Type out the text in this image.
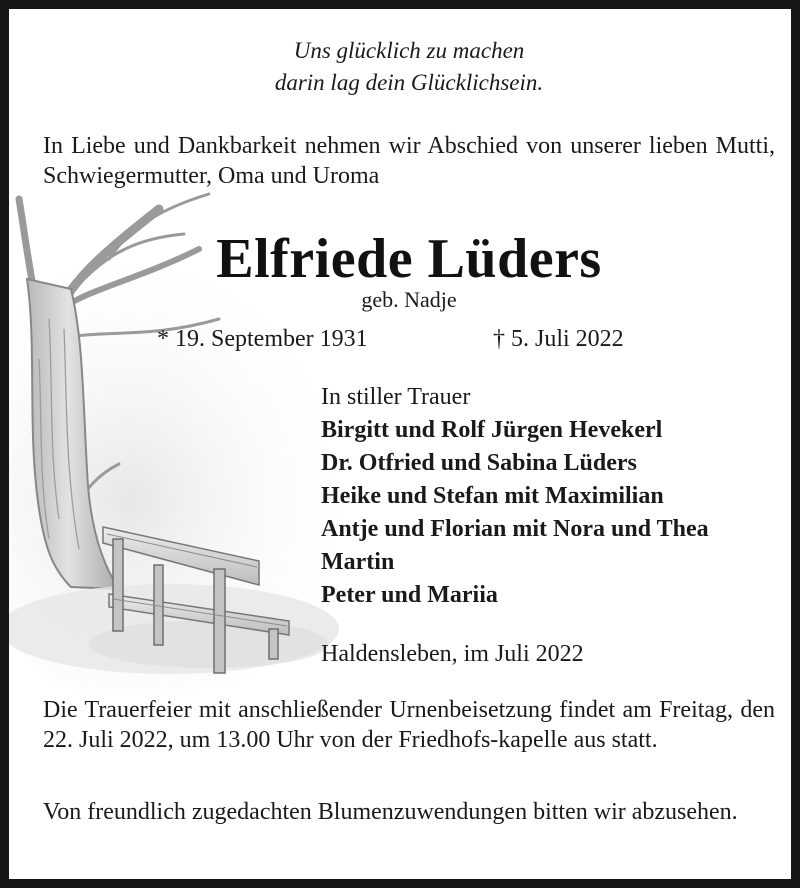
Uns glücklich zu machen

darin lag dein Glücklichsein.

In Liebe und Dankbarkeit nehmen wir Abschied von unserer lieben Mutti, Schwiegermutter, Oma und Uroma

Elfriede Lüders

geb. Nadje

* 19. September 1931	† 5. Juli 2022

In stiller Trauer
Birgitt und Rolf Jürgen Hevekerl
Dr. Otfried und Sabina Lüders
Heike und Stefan mit Maximilian
Antje und Florian mit Nora und Thea
Martin
Peter und Mariia

Haldensleben, im Juli 2022

Die Trauerfeier mit anschließender Urnenbeisetzung findet am Freitag, den 22. Juli 2022, um 13.00 Uhr von der Friedhofs-kapelle aus statt.

Von freundlich zugedachten Blumenzuwendungen bitten wir abzusehen.
